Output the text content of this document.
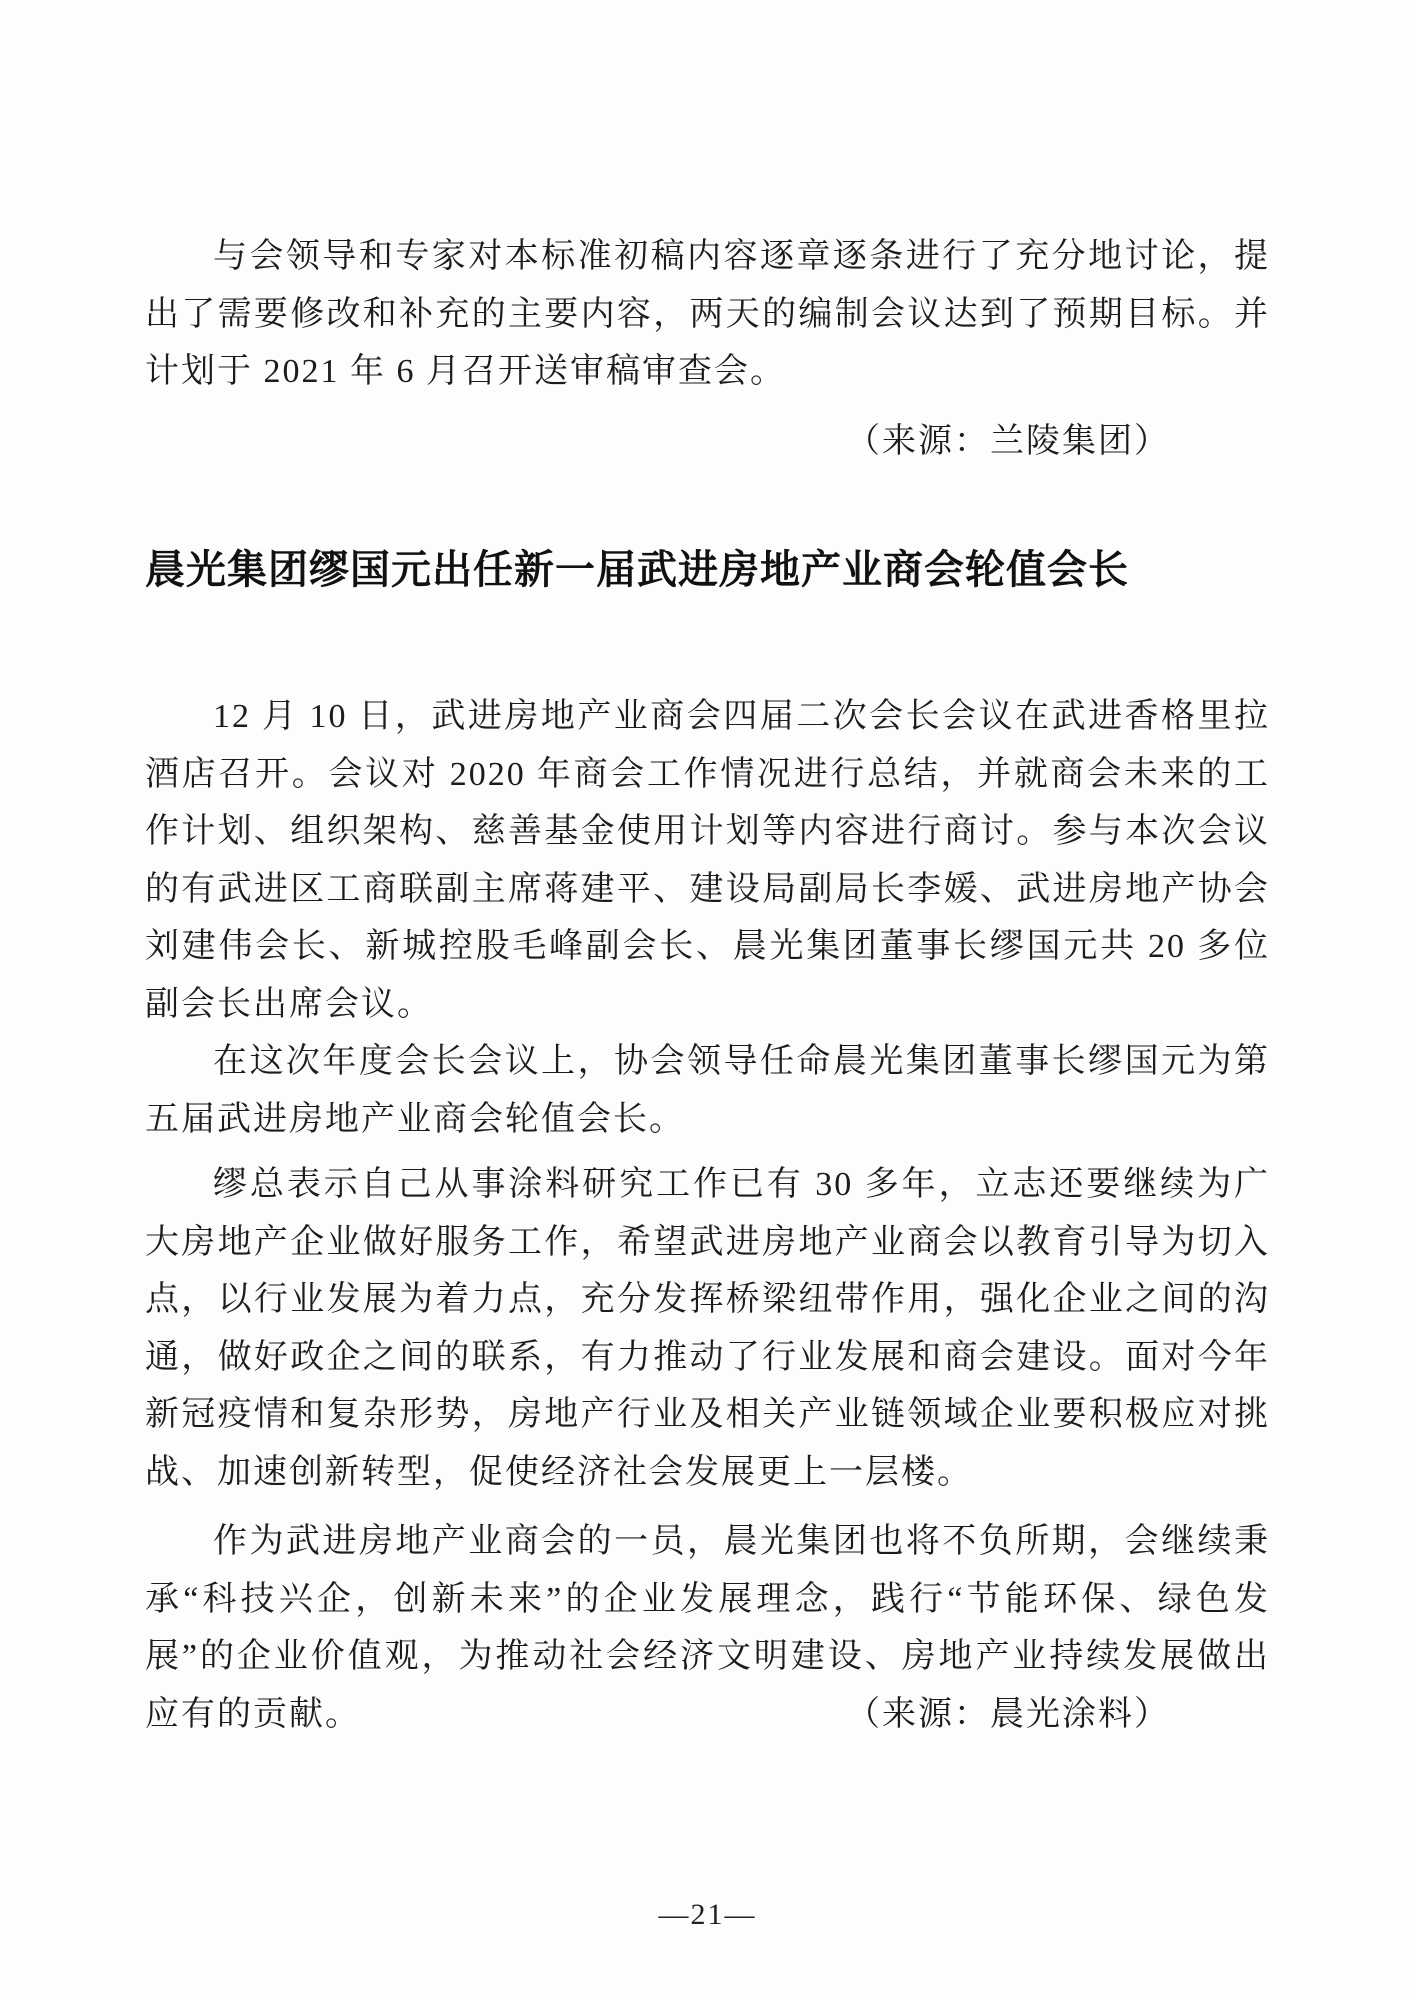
与会领导和专家对本标准初稿内容逐章逐条进行了充分地讨论，提出了需要修改和补充的主要内容，两天的编制会议达到了预期目标。并计划于 2021 年 6 月召开送审稿审查会。

（来源：兰陵集团）

晨光集团缪国元出任新一届武进房地产业商会轮值会长

12 月 10 日，武进房地产业商会四届二次会长会议在武进香格里拉酒店召开。会议对 2020 年商会工作情况进行总结，并就商会未来的工作计划、组织架构、慈善基金使用计划等内容进行商讨。参与本次会议的有武进区工商联副主席蒋建平、建设局副局长李媛、武进房地产协会刘建伟会长、新城控股毛峰副会长、晨光集团董事长缪国元共 20 多位副会长出席会议。

在这次年度会长会议上，协会领导任命晨光集团董事长缪国元为第五届武进房地产业商会轮值会长。

缪总表示自己从事涂料研究工作已有 30 多年，立志还要继续为广大房地产企业做好服务工作，希望武进房地产业商会以教育引导为切入点，以行业发展为着力点，充分发挥桥梁纽带作用，强化企业之间的沟通，做好政企之间的联系，有力推动了行业发展和商会建设。面对今年新冠疫情和复杂形势，房地产行业及相关产业链领域企业要积极应对挑战、加速创新转型，促使经济社会发展更上一层楼。

作为武进房地产业商会的一员，晨光集团也将不负所期，会继续秉承“科技兴企，创新未来”的企业发展理念，践行“节能环保、绿色发展”的企业价值观，为推动社会经济文明建设、房地产业持续发展做出应有的贡献。	（来源：晨光涂料）

—21—
